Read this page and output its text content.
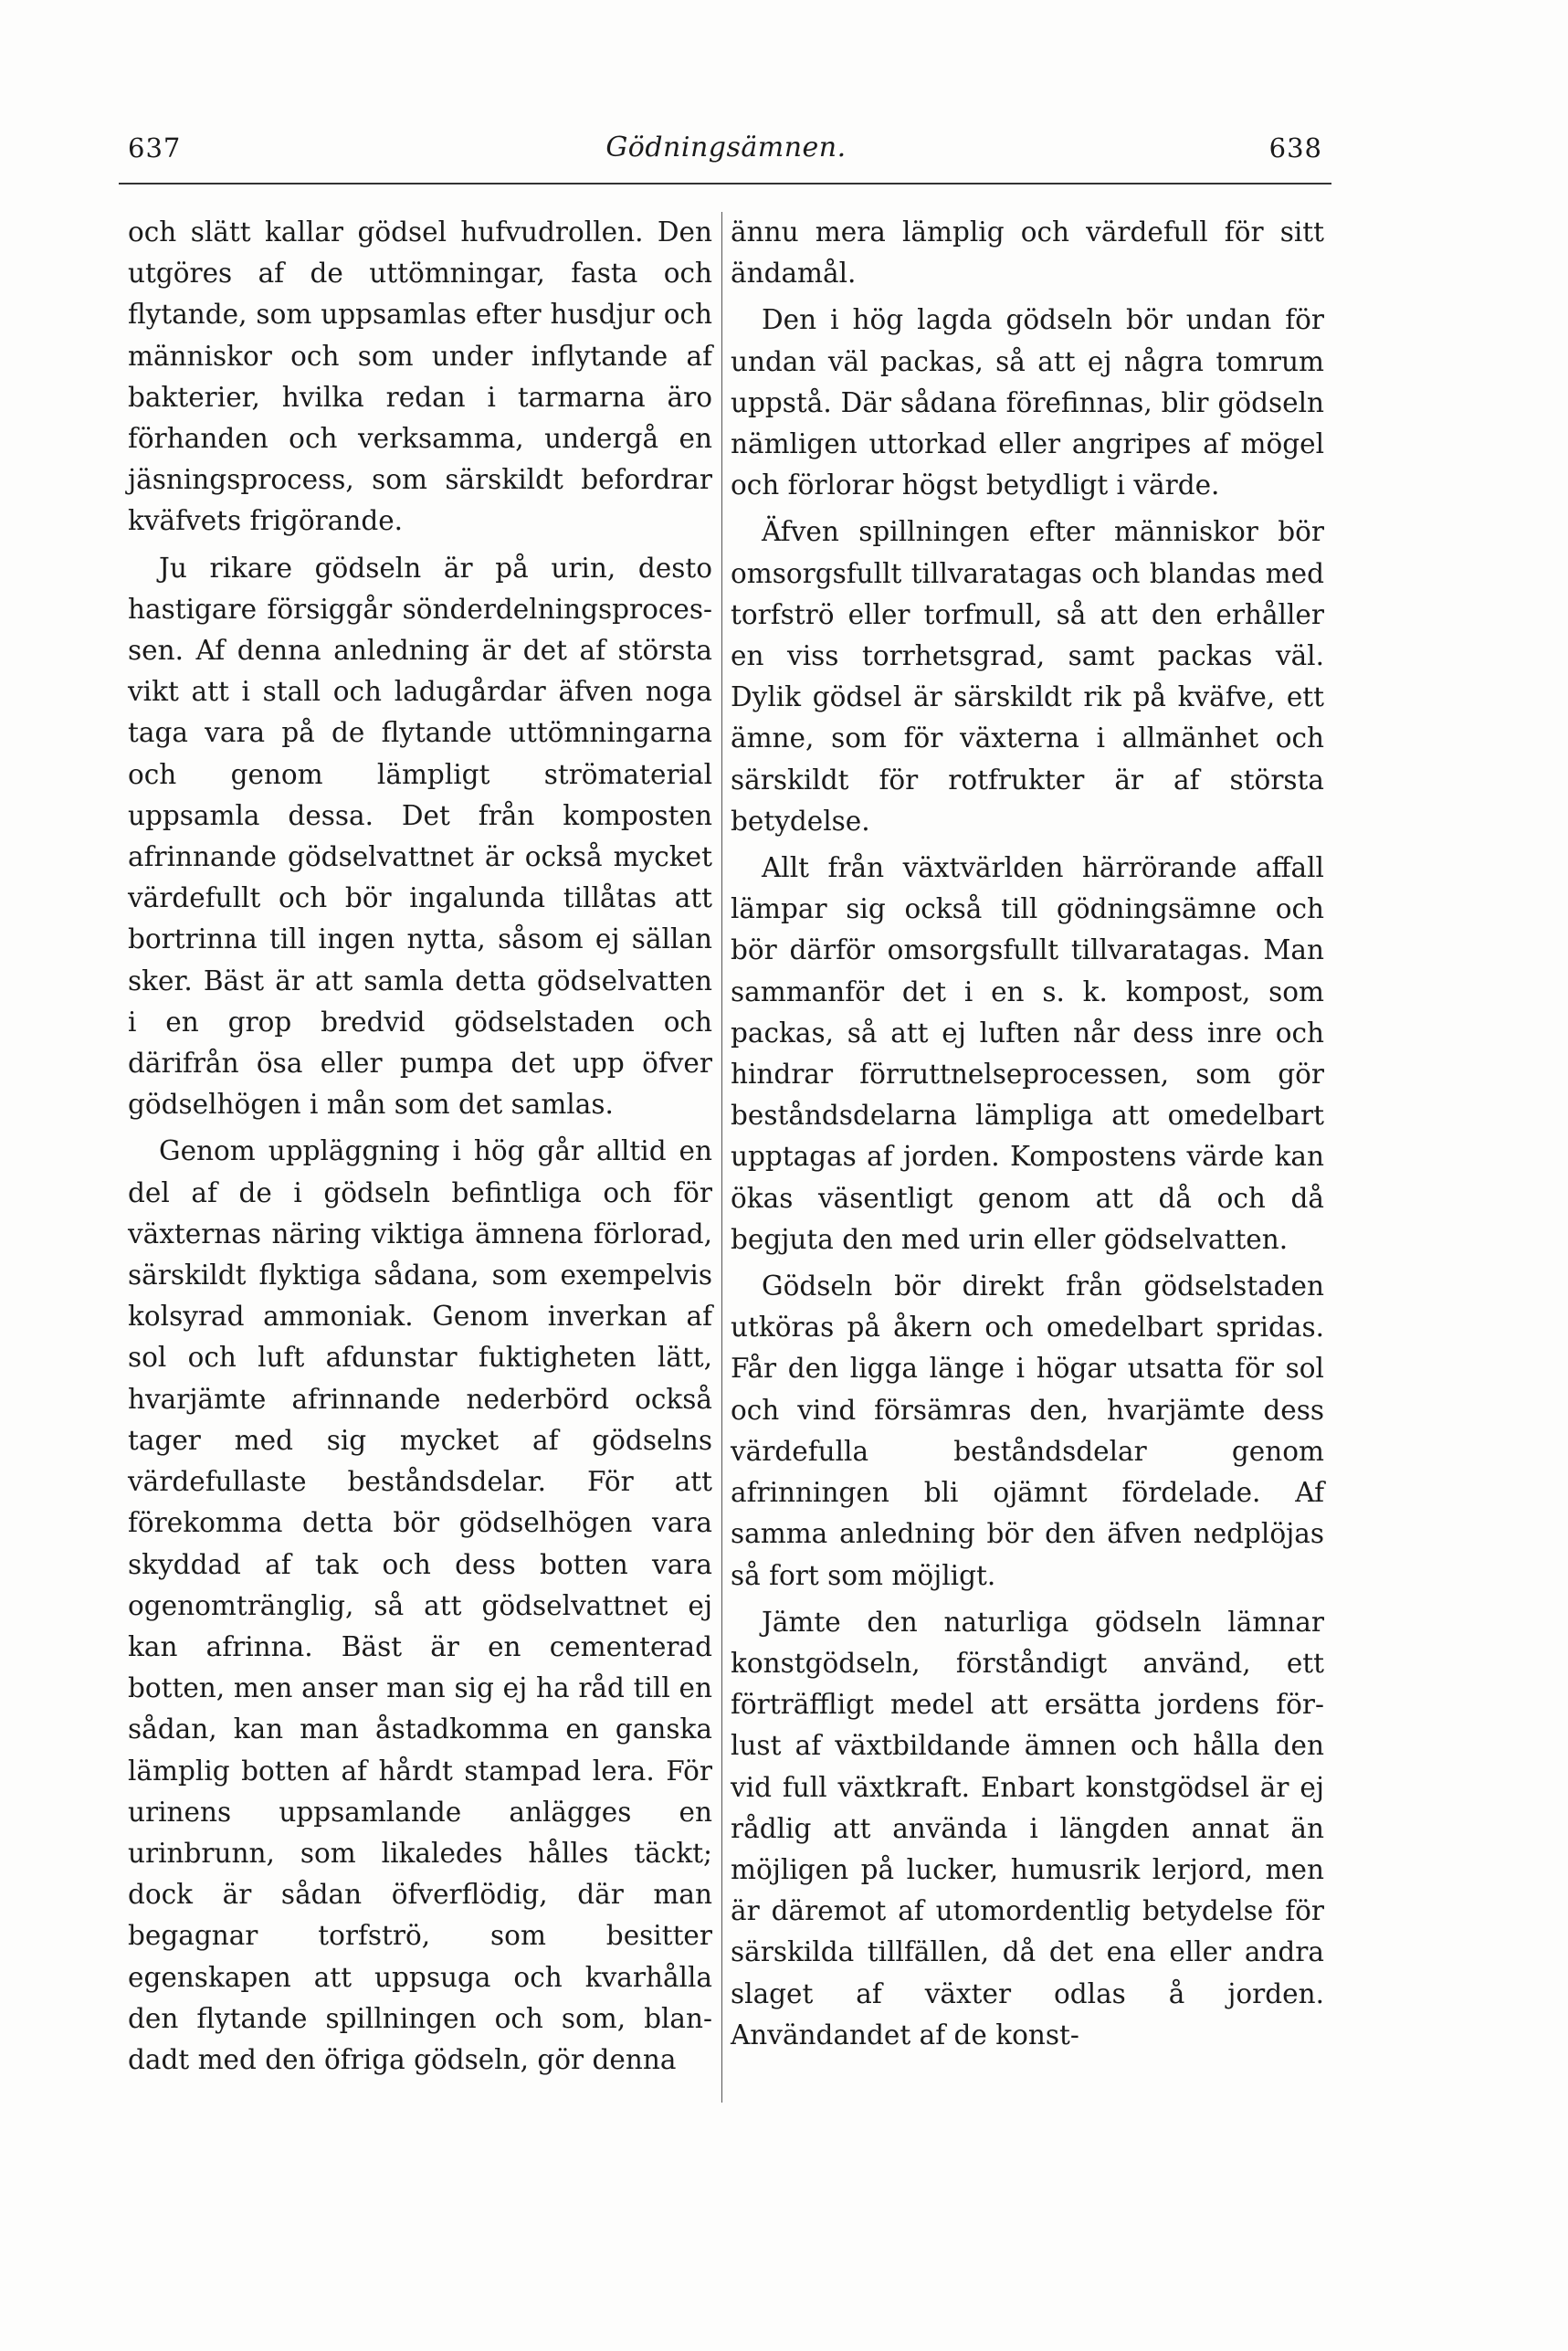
637	Gödningsämnen.	638

och slätt kallar gödsel hufvudrollen. Den utgöres af de uttömningar, fasta och flytande, som uppsamlas efter husdjur och människor och som under inflytande af bakterier, hvilka redan i tarmarna äro förhanden och verksamma, undergå en jäsningsprocess, som särskildt befordrar kväfvets frigörande.

Ju rikare gödseln är på urin, desto hastigare försiggår sönderdelningsprocessen. Af denna anledning är det af största vikt att i stall och ladugårdar äfven noga taga vara på de flytande uttömningarna och genom lämpligt strömaterial uppsamla dessa. Det från komposten afrinnande gödselvattnet är också mycket värdefullt och bör ingalunda tillåtas att bortrinna till ingen nytta, såsom ej sällan sker. Bäst är att samla detta gödselvatten i en grop bredvid gödselstaden och därifrån ösa eller pumpa det upp öfver gödselhögen i mån som det samlas.

Genom uppläggning i hög går alltid en del af de i gödseln befintliga och för växternas näring viktiga ämnena förlorad, särskildt flyktiga sådana, som exempelvis kolsyrad ammoniak. Genom inverkan af sol och luft afdunstar fuktigheten lätt, hvarjämte afrinnande nederbörd också tager med sig mycket af gödselns värdefullaste beståndsdelar. För att förekomma detta bör gödselhögen vara skyddad af tak och dess botten vara ogenomtränglig, så att gödselvattnet ej kan afrinna. Bäst är en cementerad botten, men anser man sig ej ha råd till en sådan, kan man åstadkomma en ganska lämplig botten af hårdt stampad lera. För urinens uppsamlande anlägges en urinbrunn, som likaledes hålles täckt; dock är sådan öfverflödig, där man begagnar torfströ, som besitter egenskapen att uppsuga och kvarhålla den flytande spillningen och som, blandadt med den öfriga gödseln, gör denna

ännu mera lämplig och värdefull för sitt ändamål.

Den i hög lagda gödseln bör undan för undan väl packas, så att ej några tomrum uppstå. Där sådana förefinnas, blir gödseln nämligen uttorkad eller angripes af mögel och förlorar högst betydligt i värde.

Äfven spillningen efter människor bör omsorgsfullt tillvaratagas och blandas med torfströ eller torfmull, så att den erhåller en viss torrhetsgrad, samt packas väl. Dylik gödsel är särskildt rik på kväfve, ett ämne, som för växterna i allmänhet och särskildt för rotfrukter är af största betydelse.

Allt från växtvärlden härrörande affall lämpar sig också till gödningsämne och bör därför omsorgsfullt tillvaratagas. Man sammanför det i en s. k. kompost, som packas, så att ej luften når dess inre och hindrar förruttnelseprocessen, som gör beståndsdelarna lämpliga att omedelbart upptagas af jorden. Kompostens värde kan ökas väsentligt genom att då och då begjuta den med urin eller gödselvatten.

Gödseln bör direkt från gödselstaden utköras på åkern och omedelbart spridas. Får den ligga länge i högar utsatta för sol och vind försämras den, hvarjämte dess värdefulla beståndsdelar genom afrinningen bli ojämnt fördelade. Af samma anledning bör den äfven nedplöjas så fort som möjligt.

Jämte den naturliga gödseln lämnar konstgödseln, förståndigt använd, ett förträffligt medel att ersätta jordens förlust af växtbildande ämnen och hålla den vid full växtkraft. Enbart konstgödsel är ej rådlig att använda i längden annat än möjligen på lucker, humusrik lerjord, men är däremot af utomordentlig betydelse för särskilda tillfällen, då det ena eller andra slaget af växter odlas å jorden. Användandet af de konst-
